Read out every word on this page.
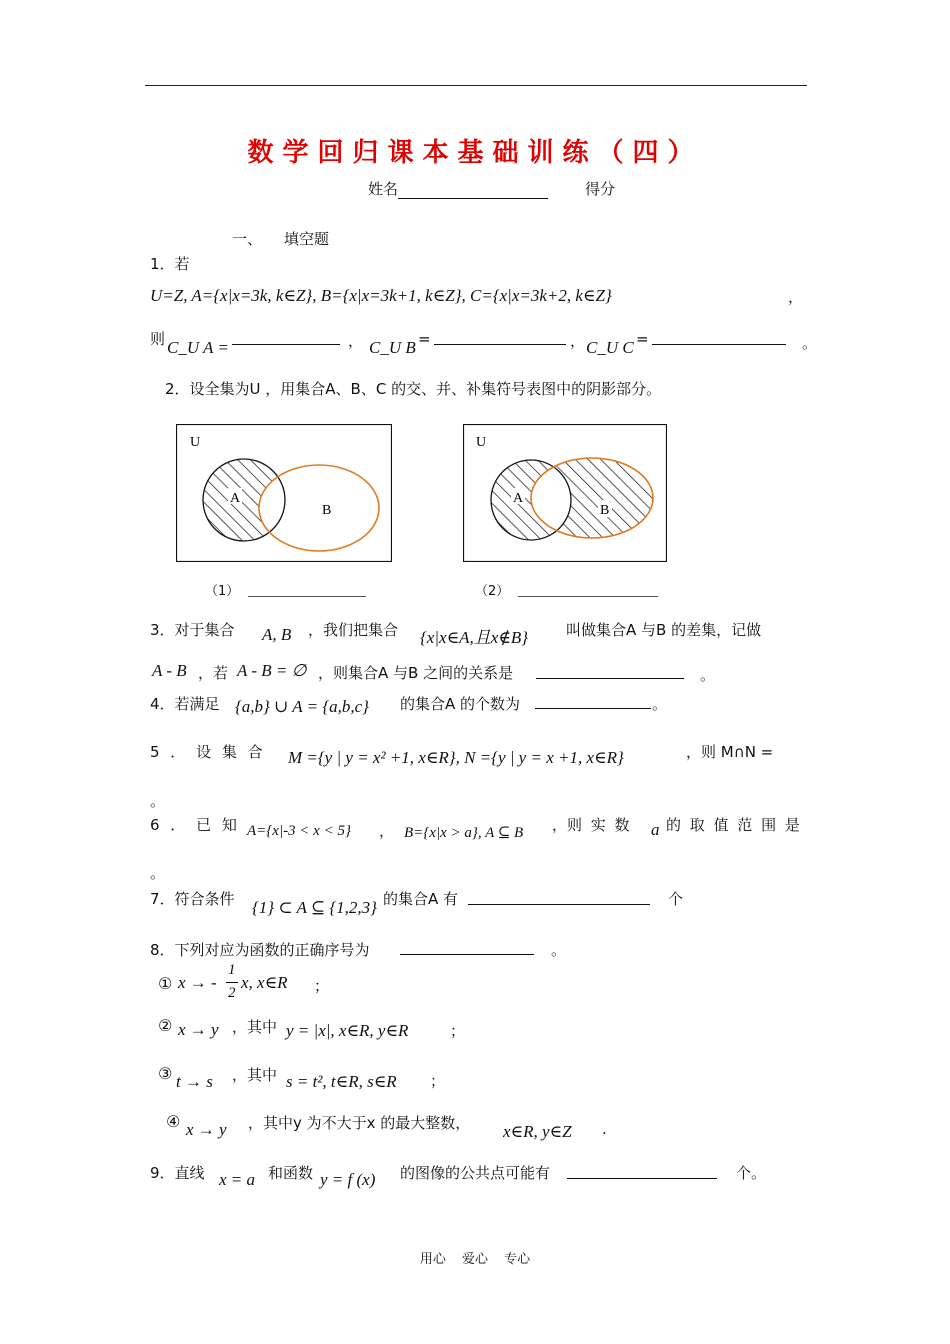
数学回归课本基础训练（四）
姓名	得分
一、 填空题
1．若
U=Z, A={x|x=3k, k∈Z}, B={x|x=3k+1, k∈Z}, C={x|x=3k+2, k∈Z}	，
则 C_U A =	， C_U B =	， C_U C =	。
2．设全集为U ，用集合A、B、C 的交、并、补集符号表图中的阴影部分。
U
A
B
U
A
B
（1）	（2）
3．对于集合 A, B ，我们把集合 {x|x∈A,且x∉B}	叫做集合A 与B 的差集，记做
A - B ，若 A - B = ∅ ，则集合A 与B 之间的关系是	。
4．若满足 {a,b} ∪ A = {a,b,c} 的集合A 的个数为	。
5 ． 设 集 合 M ={y | y = x² +1, x∈R}, N ={y | y = x +1, x∈R}	，则 M∩N =
。
6 ． 已 知 A={x|-3 < x < 5} ， B={x|x > a}, A ⊆ B ，则 实 数 a 的 取 值 范 围 是
。
7．符合条件 {1} ⊂ A ⊆ {1,2,3} 的集合A 有	个
8．下列对应为函数的正确序号为	。
① x → -
1
2
x, x∈R ；
② x → y ，其中 y = |x|, x∈R, y∈R	；
③ t → s ，其中 s = t², t∈R, s∈R ；
④ x → y ，其中y 为不大于x 的最大整数， x∈R, y∈Z .
9．直线 x = a 和函数 y = f (x) 的图像的公共点可能有	个。
用心 爱心 专心
